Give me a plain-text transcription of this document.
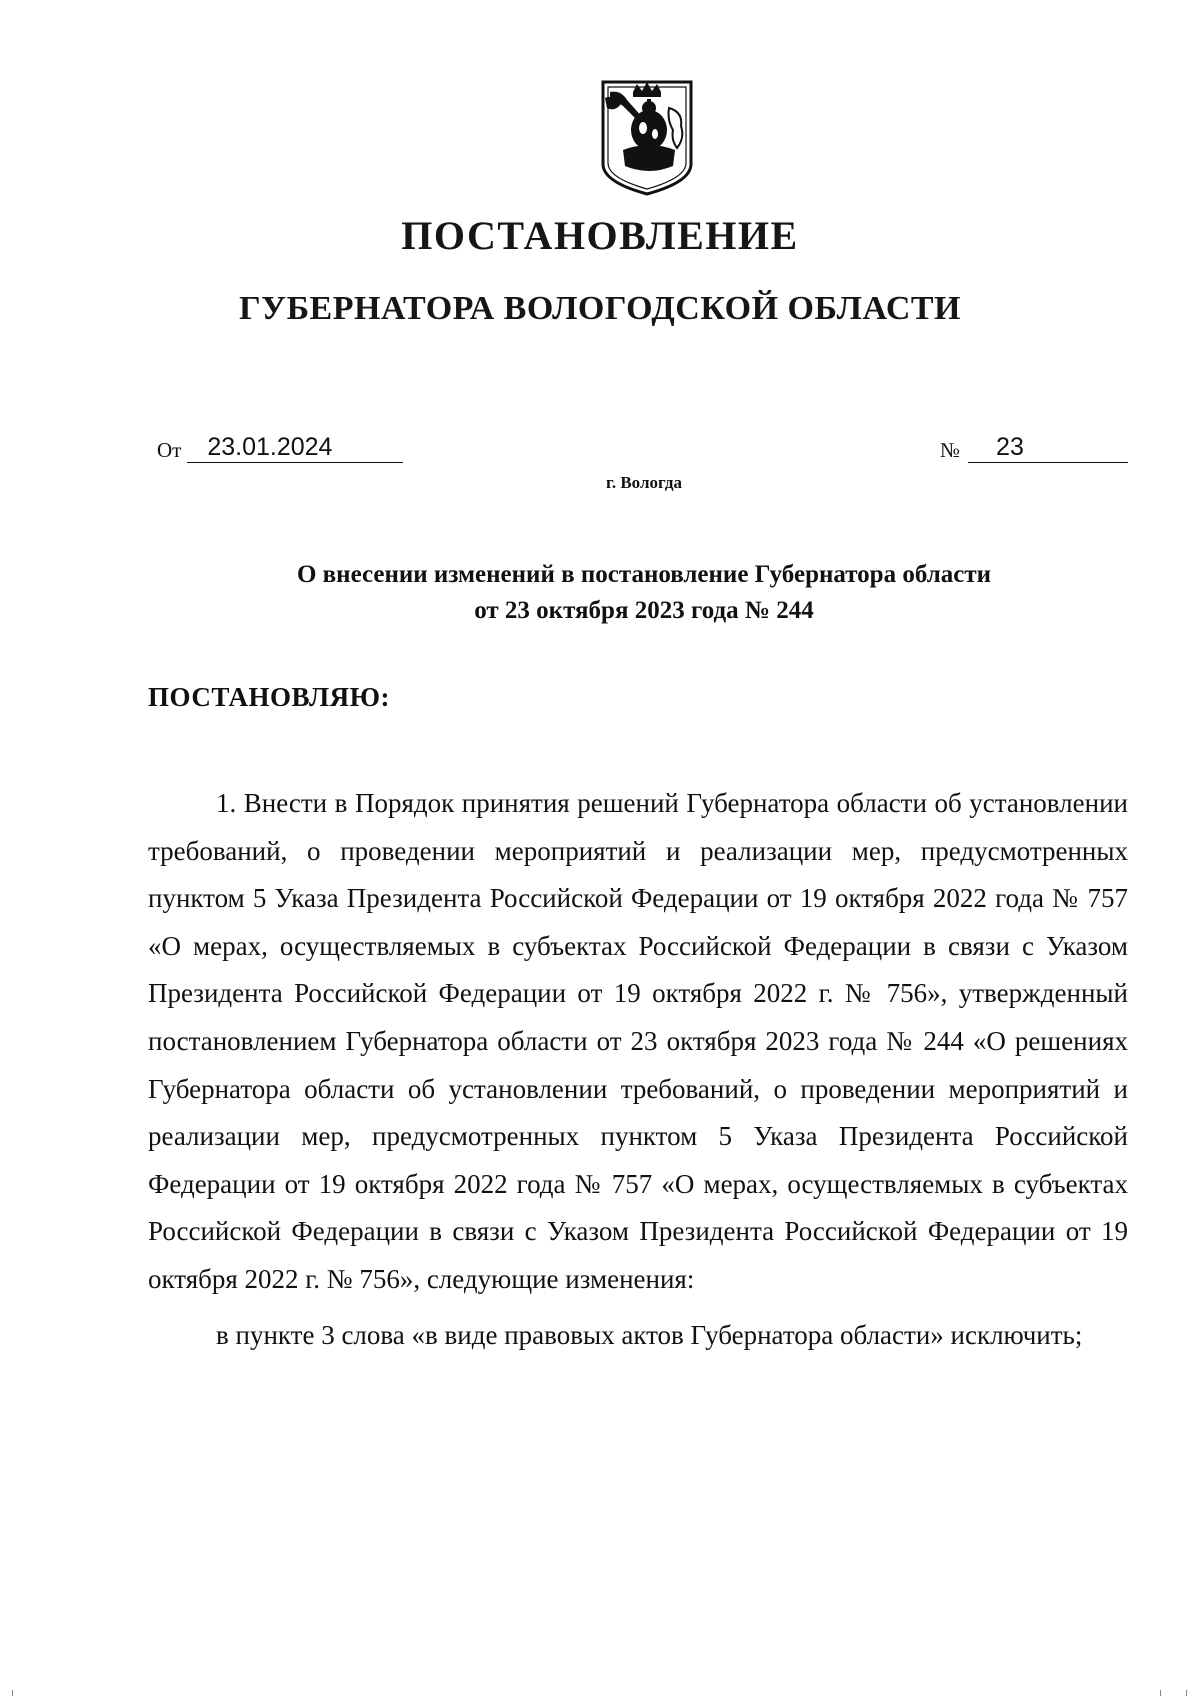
ПОСТАНОВЛЕНИЕ
ГУБЕРНАТОРА ВОЛОГОДСКОЙ ОБЛАСТИ
От 23.01.2024	№ 23
г. Вологда
О внесении изменений в постановление Губернатора области
от 23 октября 2023 года № 244
ПОСТАНОВЛЯЮ:

1. Внести в Порядок принятия решений Губернатора области об установлении требований, о проведении мероприятий и реализации мер, предусмотренных пунктом 5 Указа Президента Российской Федерации от 19 октября 2022 года № 757 «О мерах, осуществляемых в субъектах Российской Федерации в связи с Указом Президента Российской Федерации от 19 октября 2022 г. № 756», утвержденный постановлением Губернатора области от 23 октября 2023 года № 244 «О решениях Губернатора области об установлении требований, о проведении мероприятий и реализации мер, предусмотренных пунктом 5 Указа Президента Российской Федерации от 19 октября 2022 года № 757 «О мерах, осуществляемых в субъектах Российской Федерации в связи с Указом Президента Российской Федерации от 19 октября 2022 г. № 756», следующие изменения:

в пункте 3 слова «в виде правовых актов Губернатора области» исключить;
